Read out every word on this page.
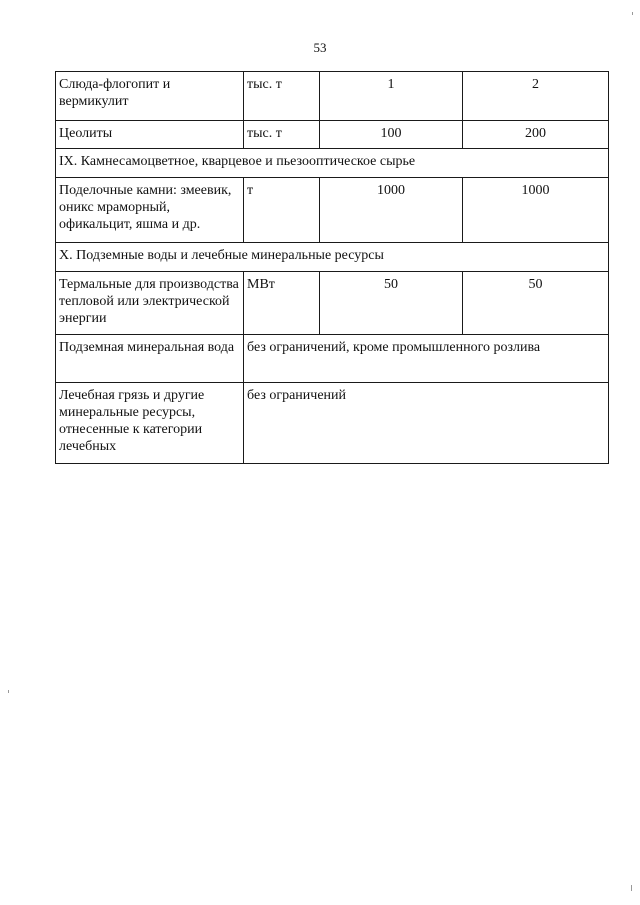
53
Слюда-флогопит и вермикулит	тыс. т	1	2
Цеолиты	тыс. т	100	200
IX. Камнесамоцветное, кварцевое и пьезооптическое сырье			
Поделочные камни: змеевик, оникс мраморный, офикальцит, яшма и др.	т	1000	1000
X. Подземные воды и лечебные минеральные ресурсы			
Термальные для производства тепловой или электрической энергии	МВт	50	50
Подземная минеральная вода	без ограничений, кроме промышленного розлива		
Лечебная грязь и другие минеральные ресурсы, отнесенные к категории лечебных	без ограничений		
